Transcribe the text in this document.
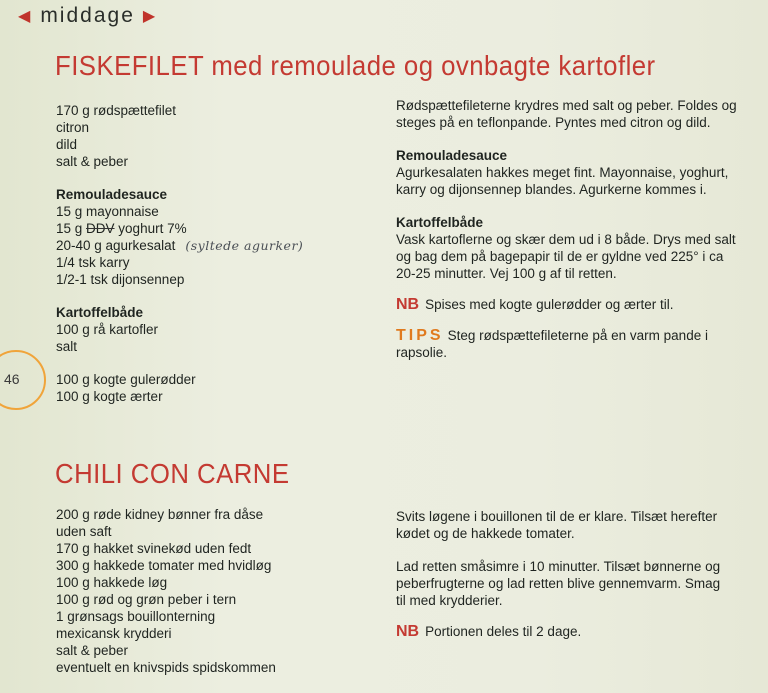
◀ middage ▶
FISKEFILET med remoulade og ovnbagte kartofler

170 g rødspættefilet

citron

dild

salt & peber

Remouladesauce

15 g mayonnaise

15 g DDV yoghurt 7%

20-40 g agurkesalat (syltede agurker)

1/4 tsk karry

1/2-1 tsk dijonsennep

Kartoffelbåde

100 g rå kartofler

salt

100 g kogte gulerødder

100 g kogte ærter

Rødspættefileterne krydres med salt og peber. Foldes og

steges på en teflonpande. Pyntes med citron og dild.

Remouladesauce

Agurkesalaten hakkes meget fint. Mayonnaise, yoghurt,

karry og dijonsennep blandes. Agurkerne kommes i.

Kartoffelbåde

Vask kartoflerne og skær dem ud i 8 både. Drys med salt

og bag dem på bagepapir til de er gyldne ved 225° i ca

20-25 minutter. Vej 100 g af til retten.

NB Spises med kogte gulerødder og ærter til.

TIPS Steg rødspættefileterne på en varm pande i

rapsolie.

46
CHILI CON CARNE

200 g røde kidney bønner fra dåse

uden saft

170 g hakket svinekød uden fedt

300 g hakkede tomater med hvidløg

100 g hakkede løg

100 g rød og grøn peber i tern

1 grønsags bouillonterning

mexicansk krydderi

salt & peber

eventuelt en knivspids spidskommen

Svits løgene i bouillonen til de er klare. Tilsæt herefter

kødet og de hakkede tomater.

Lad retten småsimre i 10 minutter. Tilsæt bønnerne og

peberfrugterne og lad retten blive gennemvarm. Smag

til med krydderier.

NB Portionen deles til 2 dage.
